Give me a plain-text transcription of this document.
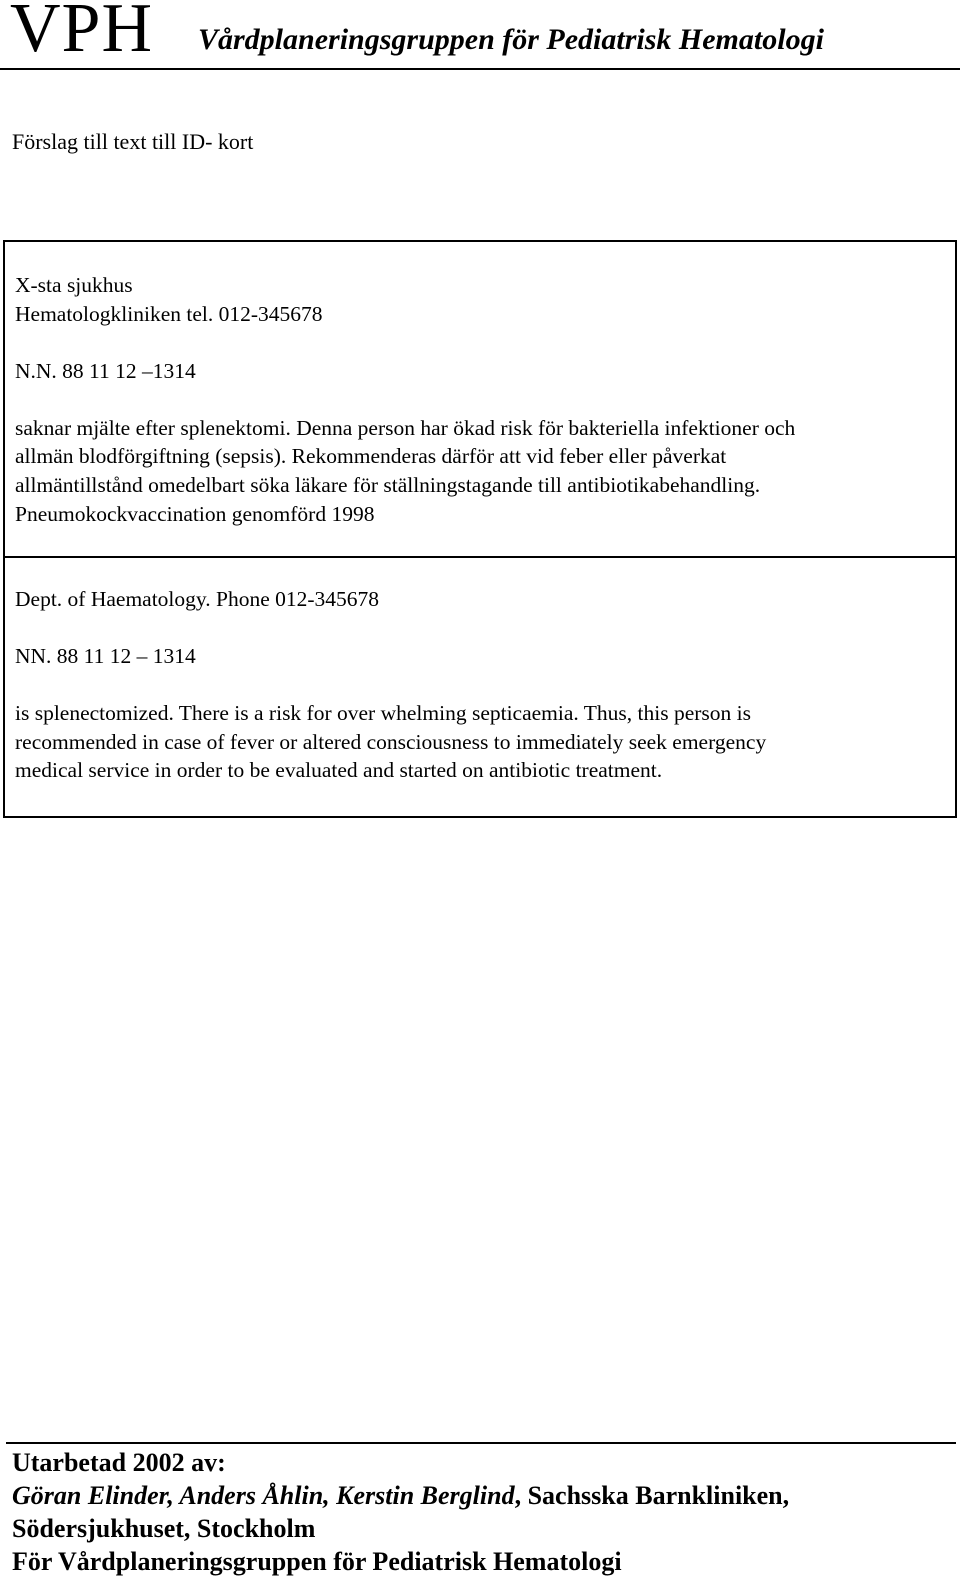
VPH Vårdplaneringsgruppen för Pediatrisk Hematologi
Förslag till text till ID- kort
X-sta sjukhus
Hematologkliniken tel. 012-345678
N.N. 88 11 12 –1314
saknar mjälte efter splenektomi. Denna person har ökad risk för bakteriella infektioner och
allmän blodförgiftning (sepsis). Rekommenderas därför att vid feber eller påverkat
allmäntillstånd omedelbart söka läkare för ställningstagande till antibiotikabehandling.
Pneumokockvaccination genomförd 1998
Dept. of Haematology. Phone 012-345678
NN. 88 11 12 – 1314
is splenectomized. There is a risk for over whelming septicaemia. Thus, this person is
recommended in case of fever or altered consciousness to immediately seek emergency
medical service in order to be evaluated and started on antibiotic treatment.
Utarbetad 2002 av:
Göran Elinder, Anders Åhlin, Kerstin Berglind, Sachsska Barnkliniken,
Södersjukhuset, Stockholm
För Vårdplaneringsgruppen för Pediatrisk Hematologi
